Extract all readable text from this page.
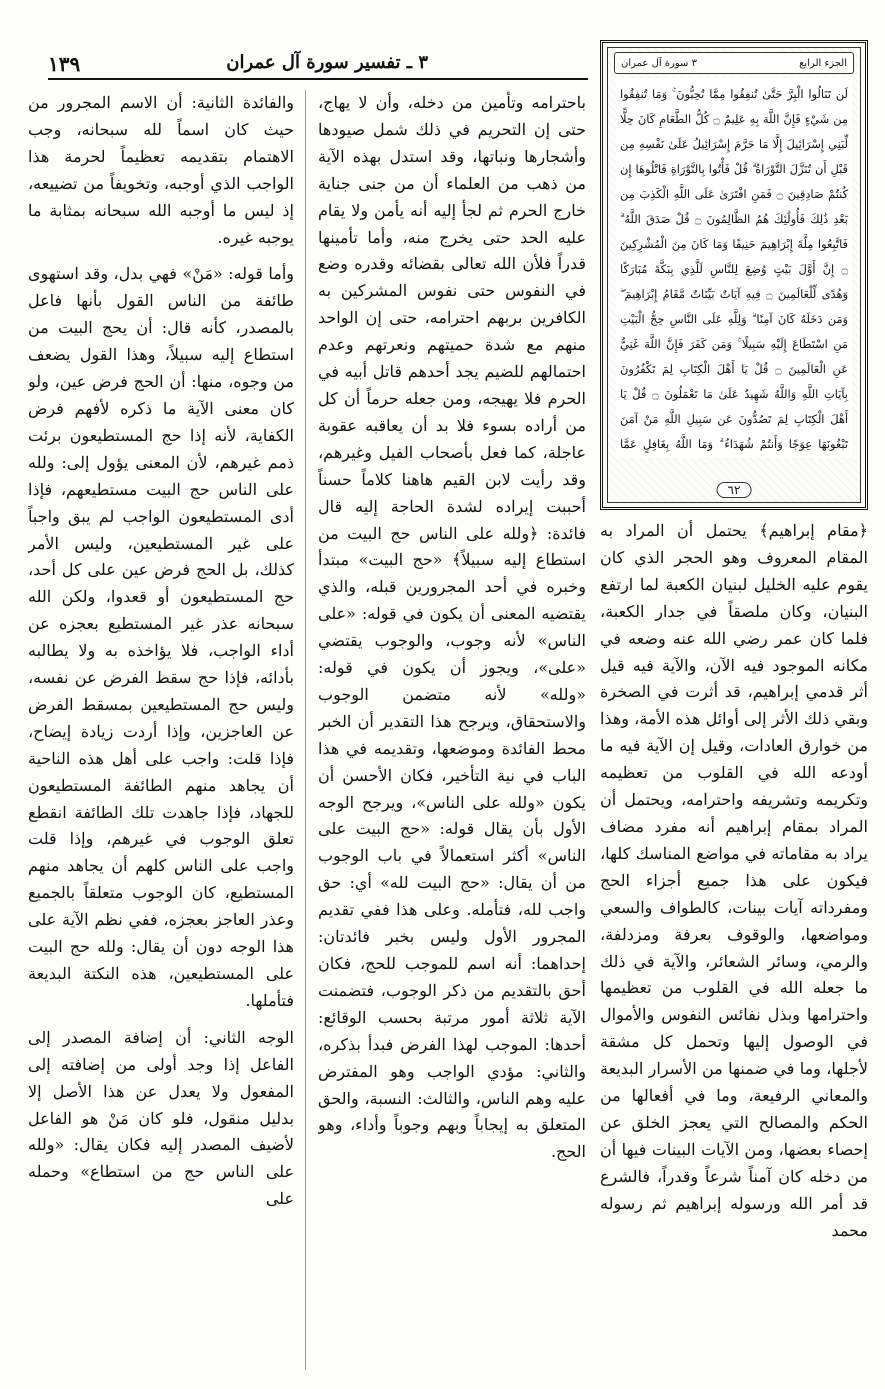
٣ ـ تفسير سورة آل عمران
١٣٩	الجزء الرابع
٣ سورة آل عمران
لَن تَنَالُوا الْبِرَّ حَتَّىٰ تُنفِقُوا مِمَّا تُحِبُّونَ ۚ وَمَا تُنفِقُوا مِن شَيْءٍ فَإِنَّ اللَّهَ بِهِ عَلِيمٌ ۝ كُلُّ الطَّعَامِ كَانَ حِلًّا لِّبَنِي إِسْرَائِيلَ إِلَّا مَا حَرَّمَ إِسْرَائِيلُ عَلَىٰ نَفْسِهِ مِن قَبْلِ أَن تُنَزَّلَ التَّوْرَاةُ ۗ قُلْ فَأْتُوا بِالتَّوْرَاةِ فَاتْلُوهَا إِن كُنتُمْ صَادِقِينَ ۝ فَمَنِ افْتَرَىٰ عَلَى اللَّهِ الْكَذِبَ مِن بَعْدِ ذَٰلِكَ فَأُولَٰئِكَ هُمُ الظَّالِمُونَ ۝ قُلْ صَدَقَ اللَّهُ ۗ فَاتَّبِعُوا مِلَّةَ إِبْرَاهِيمَ حَنِيفًا وَمَا كَانَ مِنَ الْمُشْرِكِينَ ۝ إِنَّ أَوَّلَ بَيْتٍ وُضِعَ لِلنَّاسِ لَلَّذِي بِبَكَّةَ مُبَارَكًا وَهُدًى لِّلْعَالَمِينَ ۝ فِيهِ آيَاتٌ بَيِّنَاتٌ مَّقَامُ إِبْرَاهِيمَ ۖ وَمَن دَخَلَهُ كَانَ آمِنًا ۗ وَلِلَّهِ عَلَى النَّاسِ حِجُّ الْبَيْتِ مَنِ اسْتَطَاعَ إِلَيْهِ سَبِيلًا ۚ وَمَن كَفَرَ فَإِنَّ اللَّهَ غَنِيٌّ عَنِ الْعَالَمِينَ ۝ قُلْ يَا أَهْلَ الْكِتَابِ لِمَ تَكْفُرُونَ بِآيَاتِ اللَّهِ وَاللَّهُ شَهِيدٌ عَلَىٰ مَا تَعْمَلُونَ ۝ قُلْ يَا أَهْلَ الْكِتَابِ لِمَ تَصُدُّونَ عَن سَبِيلِ اللَّهِ مَنْ آمَنَ تَبْغُونَهَا عِوَجًا وَأَنتُمْ شُهَدَاءُ ۗ وَمَا اللَّهُ بِغَافِلٍ عَمَّا
٦٢

﴿مقام إبراهيم﴾ يحتمل أن المراد به المقام المعروف وهو الحجر الذي كان يقوم عليه الخليل لبنيان الكعبة لما ارتفع البنيان، وكان ملصقاً في جدار الكعبة، فلما كان عمر رضي الله عنه وضعه في مكانه الموجود فيه الآن، والآية فيه قيل أثر قدمي إبراهيم، قد أثرت في الصخرة وبقي ذلك الأثر إلى أوائل هذه الأمة، وهذا من خوارق العادات، وقيل إن الآية فيه ما أودعه الله في القلوب من تعظيمه وتكريمه وتشريفه واحترامه، ويحتمل أن المراد بمقام إبراهيم أنه مفرد مضاف يراد به مقاماته في مواضع المناسك كلها، فيكون على هذا جميع أجزاء الحج ومفرداته آيات بينات، كالطواف والسعي ومواضعها، والوقوف بعرفة ومزدلفة، والرمي، وسائر الشعائر، والآية في ذلك ما جعله الله في القلوب من تعظيمها واحترامها وبذل نفائس النفوس والأموال في الوصول إليها وتحمل كل مشقة لأجلها، وما في ضمنها من الأسرار البديعة والمعاني الرفيعة، وما في أفعالها من الحكم والمصالح التي يعجز الخلق عن إحصاء بعضها، ومن الآيات البينات فيها أن من دخله كان آمناً شرعاً وقدراً، فالشرع قد أمر الله ورسوله إبراهيم ثم رسوله محمد

باحترامه وتأمين من دخله، وأن لا يهاج، حتى إن التحريم في ذلك شمل صيودها وأشجارها ونباتها، وقد استدل بهذه الآية من ذهب من العلماء أن من جنى جناية خارج الحرم ثم لجأ إليه أنه يأمن ولا يقام عليه الحد حتى يخرج منه، وأما تأمينها قدراً فلأن الله تعالى بقضائه وقدره وضع في النفوس حتى نفوس المشركين به الكافرين بربهم احترامه، حتى إن الواحد منهم مع شدة حميتهم ونعرتهم وعدم احتمالهم للضيم يجد أحدهم قاتل أبيه في الحرم فلا يهيجه، ومن جعله حرماً أن كل من أراده بسوء فلا بد أن يعاقبه عقوبة عاجلة، كما فعل بأصحاب الفيل وغيرهم، وقد رأيت لابن القيم هاهنا كلاماً حسناً أحببت إيراده لشدة الحاجة إليه قال فائدة: ﴿ولله على الناس حج البيت من استطاع إليه سبيلاً﴾ «حج البيت» مبتدأ وخبره في أحد المجرورين قبله، والذي يقتضيه المعنى أن يكون في قوله: «على الناس» لأنه وجوب، والوجوب يقتضي «على»، ويجوز أن يكون في قوله: «ولله» لأنه متضمن الوجوب والاستحقاق، ويرجح هذا التقدير أن الخبر محط الفائدة وموضعها، وتقديمه في هذا الباب في نية التأخير، فكان الأحسن أن يكون «ولله على الناس»، ويرجح الوجه الأول بأن يقال قوله: «حج البيت على الناس» أكثر استعمالاً في باب الوجوب من أن يقال: «حج البيت لله» أي: حق واجب لله، فتأمله. وعلى هذا ففي تقديم المجرور الأول وليس بخبر فائدتان: إحداهما: أنه اسم للموجب للحج، فكان أحق بالتقديم من ذكر الوجوب، فتضمنت الآية ثلاثة أمور مرتبة بحسب الوقائع: أحدها: الموجب لهذا الفرض فبدأ بذكره، والثاني: مؤدي الواجب وهو المفترض عليه وهم الناس، والثالث: النسبة، والحق المتعلق به إيجاباً وبهم وجوباً وأداء، وهو الحج.

والفائدة الثانية: أن الاسم المجرور من حيث كان اسماً لله سبحانه، وجب الاهتمام بتقديمه تعظيماً لحرمة هذا الواجب الذي أوجبه، وتخويفاً من تضييعه، إذ ليس ما أوجبه الله سبحانه بمثابة ما يوجبه غيره.

وأما قوله: «مَنْ» فهي بدل، وقد استهوى طائفة من الناس القول بأنها فاعل بالمصدر، كأنه قال: أن يحج البيت من استطاع إليه سبيلاً، وهذا القول يضعف من وجوه، منها: أن الحج فرض عين، ولو كان معنى الآية ما ذكره لأفهم فرض الكفاية، لأنه إذا حج المستطيعون برئت ذمم غيرهم، لأن المعنى يؤول إلى: ولله على الناس حج البيت مستطيعهم، فإذا أدى المستطيعون الواجب لم يبق واجباً على غير المستطيعين، وليس الأمر كذلك، بل الحج فرض عين على كل أحد، حج المستطيعون أو قعدوا، ولكن الله سبحانه عذر غير المستطيع بعجزه عن أداء الواجب، فلا يؤاخذه به ولا يطالبه بأدائه، فإذا حج سقط الفرض عن نفسه، وليس حج المستطيعين بمسقط الفرض عن العاجزين، وإذا أردت زيادة إيضاح، فإذا قلت: واجب على أهل هذه الناحية أن يجاهد منهم الطائفة المستطيعون للجهاد، فإذا جاهدت تلك الطائفة انقطع تعلق الوجوب في غيرهم، وإذا قلت واجب على الناس كلهم أن يجاهد منهم المستطيع، كان الوجوب متعلقاً بالجميع وعذر العاجز بعجزه، ففي نظم الآية على هذا الوجه دون أن يقال: ولله حج البيت على المستطيعين، هذه النكتة البديعة فتأملها.

الوجه الثاني: أن إضافة المصدر إلى الفاعل إذا وجد أولى من إضافته إلى المفعول ولا يعدل عن هذا الأصل إلا بدليل منقول، فلو كان مَنْ هو الفاعل لأضيف المصدر إليه فكان يقال: «ولله على الناس حج من استطاع» وحمله على
